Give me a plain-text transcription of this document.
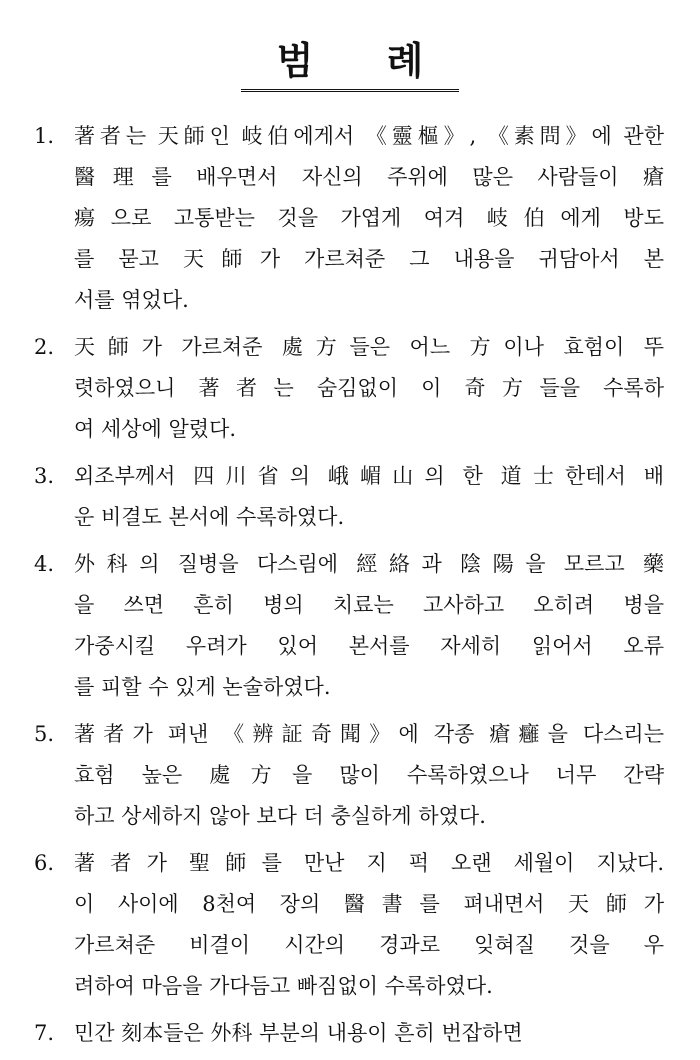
범 례
1. 著者는 天師인 岐伯에게서 《靈樞》, 《素問》에 관한
醫理를 배우면서 자신의 주위에 많은 사람들이 瘡
瘍으로 고통받는 것을 가엽게 여겨 岐伯에게 방도
를 묻고 天師가 가르쳐준 그 내용을 귀담아서 본
서를 엮었다.
2. 天師가 가르쳐준 處方들은 어느 方이나 효험이 뚜
렷하였으니 著者는 숨김없이 이 奇方들을 수록하
여 세상에 알렸다.
3. 외조부께서 四川省의 峨嵋山의 한 道士한테서 배
운 비결도 본서에 수록하였다.
4. 外科의 질병을 다스림에 經絡과 陰陽을 모르고 藥
을 쓰면 흔히 병의 치료는 고사하고 오히려 병을
가중시킬 우려가 있어 본서를 자세히 읽어서 오류
를 피할 수 있게 논술하였다.
5. 著者가 펴낸 《辨証奇聞》에 각종 瘡癰을 다스리는
효험 높은 處方을 많이 수록하였으나 너무 간략
하고 상세하지 않아 보다 더 충실하게 하였다.
6. 著者가 聖師를 만난 지 퍽 오랜 세월이 지났다.
이 사이에 8천여 장의 醫書를 펴내면서 天師가
가르쳐준 비결이 시간의 경과로 잊혀질 것을 우
려하여 마음을 가다듬고 빠짐없이 수록하였다.
7. 민간 刻本들은 外科 부분의 내용이 흔히 번잡하면
